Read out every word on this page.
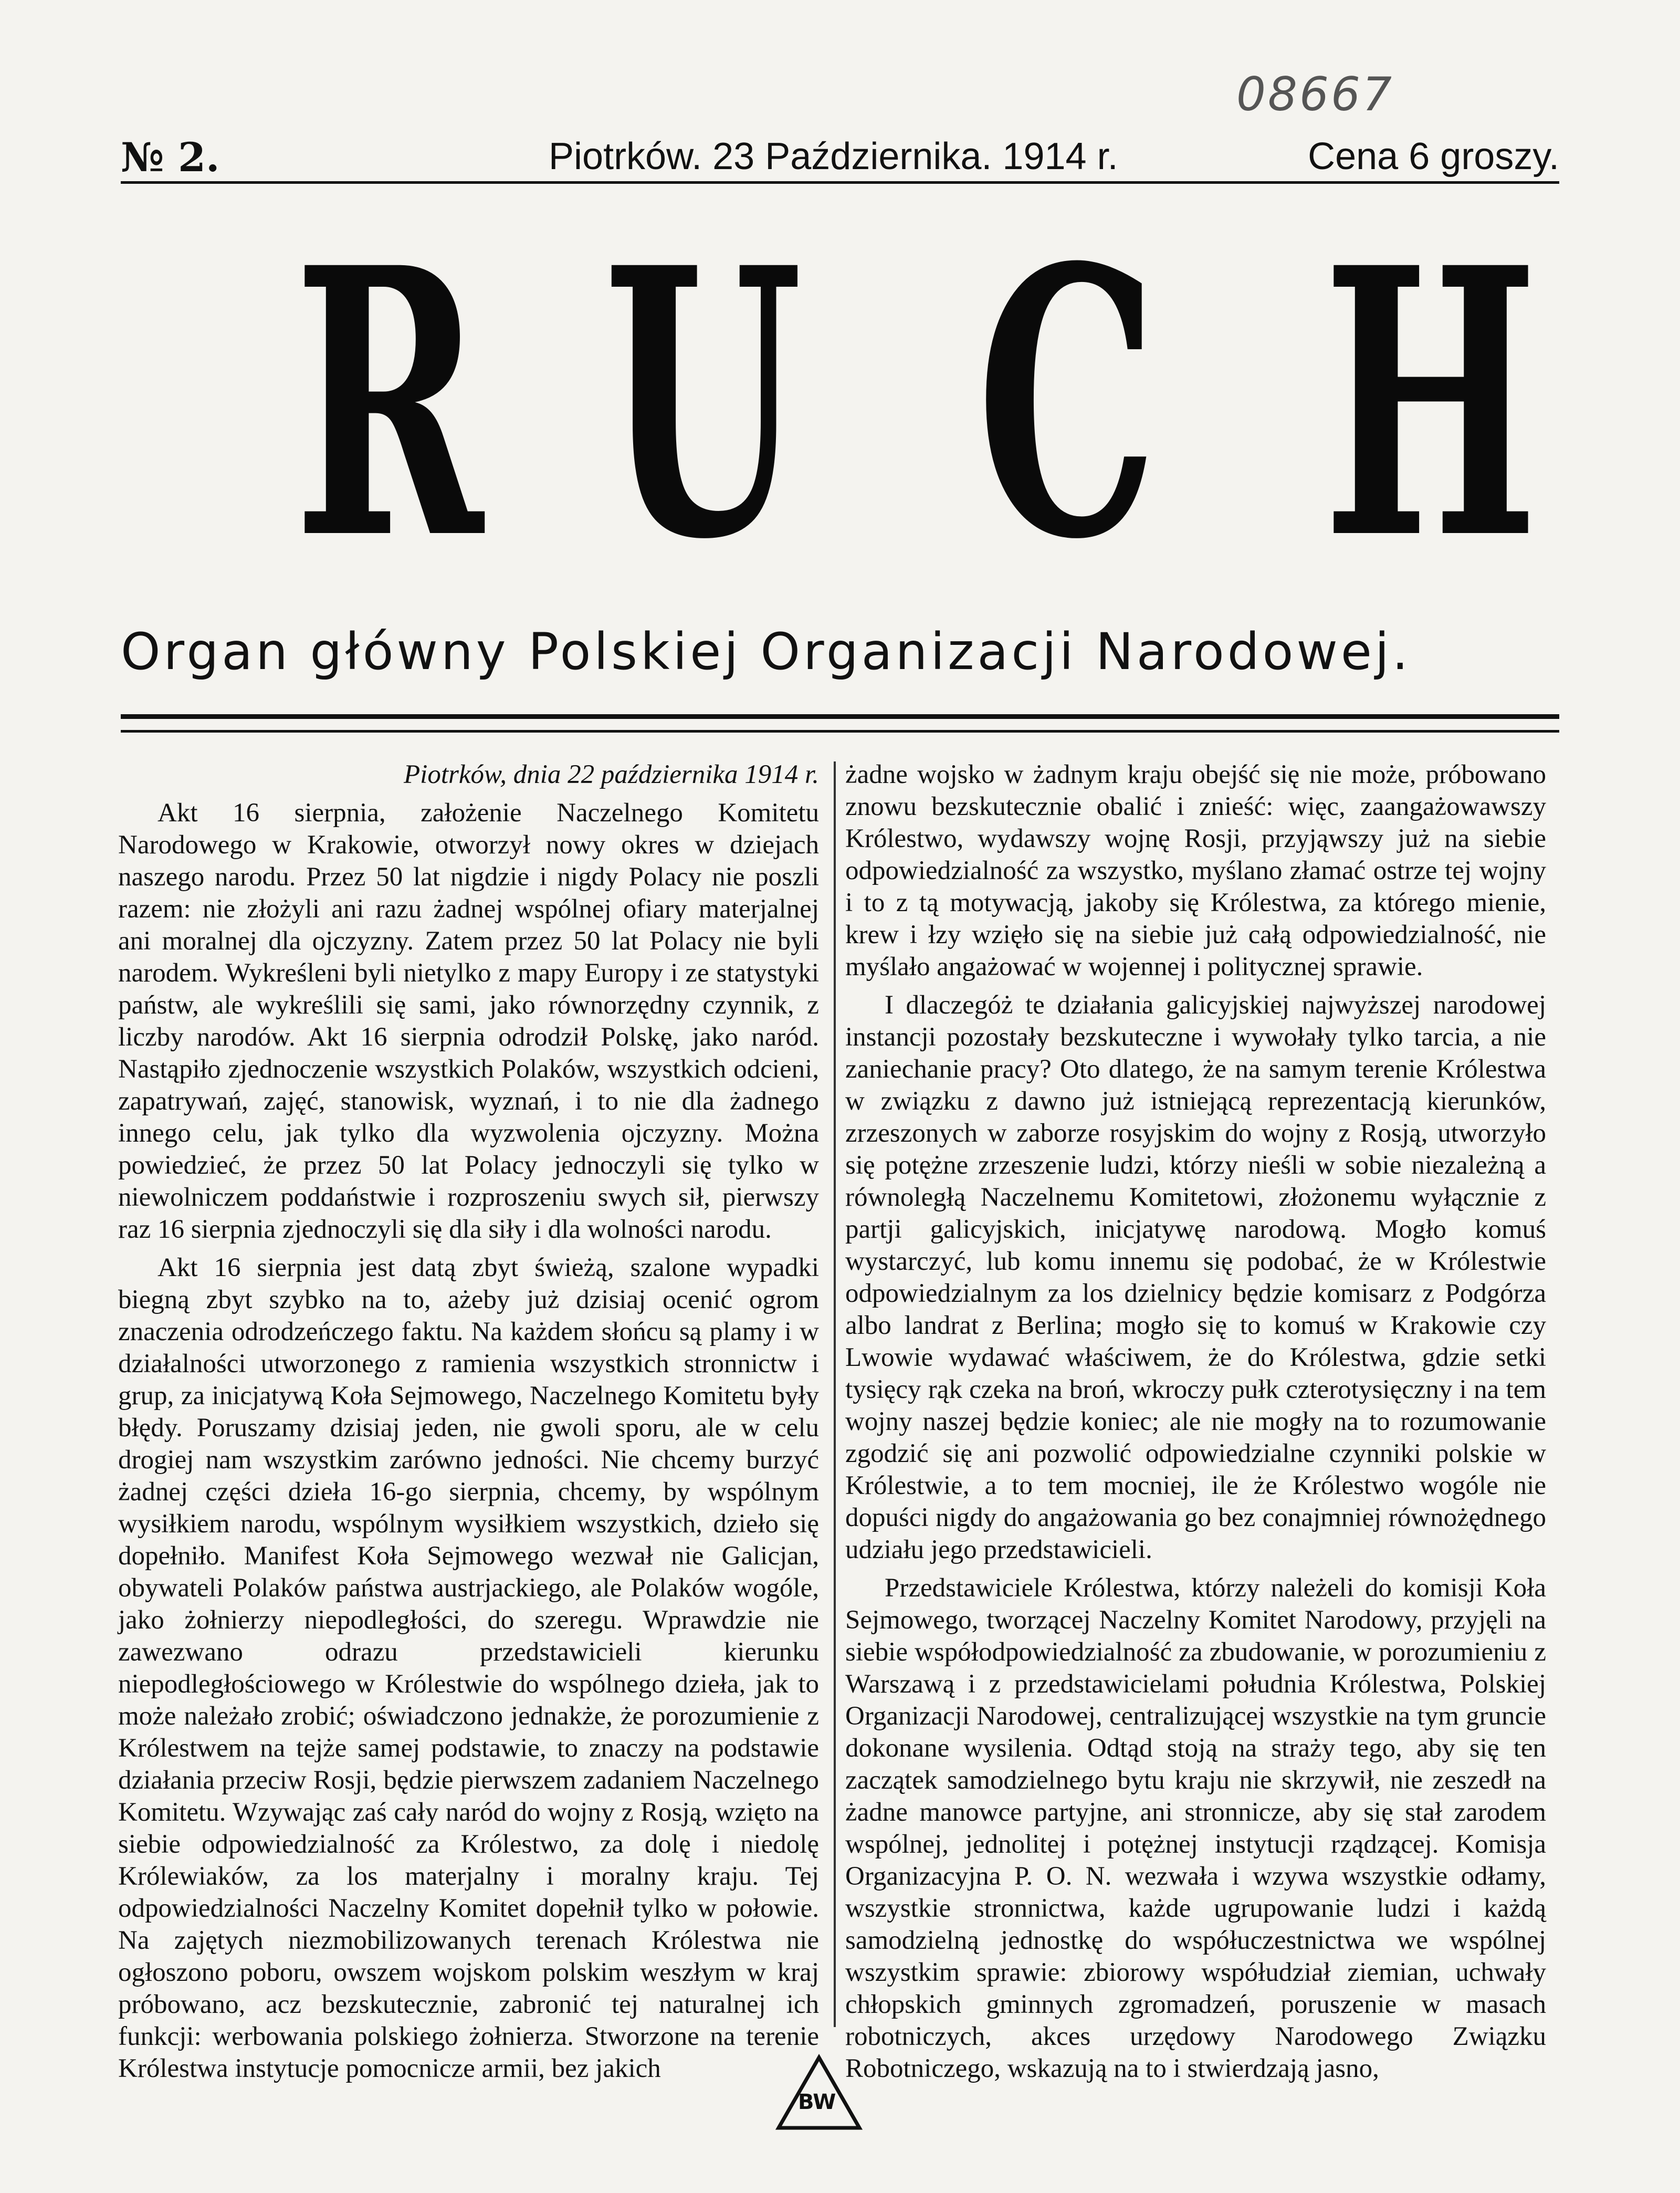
08667
№ 2.	Piotrków. 23 Października. 1914 r.	Cena 6 groszy.
R U C H
Organ główny Polskiej Organizacji Narodowej.

Piotrków, dnia 22 października 1914 r.

Akt 16 sierpnia, założenie Naczelnego Komitetu Narodowego w Krakowie, otworzył nowy okres w dziejach naszego narodu. Przez 50 lat nigdzie i nigdy Polacy nie poszli razem: nie złożyli ani razu żadnej wspólnej ofiary materjalnej ani moralnej dla ojczyzny. Zatem przez 50 lat Polacy nie byli narodem. Wykreśleni byli nietylko z mapy Europy i ze statystyki państw, ale wykreślili się sami, jako równorzędny czynnik, z liczby narodów. Akt 16 sierpnia odrodził Polskę, jako naród. Nastąpiło zjednoczenie wszystkich Polaków, wszystkich odcieni, zapatrywań, zajęć, stanowisk, wyznań, i to nie dla żadnego innego celu, jak tylko dla wyzwolenia ojczyzny. Można powiedzieć, że przez 50 lat Polacy jednoczyli się tylko w niewolniczem poddaństwie i rozproszeniu swych sił, pierwszy raz 16 sierpnia zjednoczyli się dla siły i dla wolności narodu.

Akt 16 sierpnia jest datą zbyt świeżą, szalone wypadki biegną zbyt szybko na to, ażeby już dzisiaj ocenić ogrom znaczenia odrodzeńczego faktu. Na każdem słońcu są plamy i w działalności utworzonego z ramienia wszystkich stronnictw i grup, za inicjatywą Koła Sejmowego, Naczelnego Komitetu były błędy. Poruszamy dzisiaj jeden, nie gwoli sporu, ale w celu drogiej nam wszystkim zarówno jedności. Nie chcemy burzyć żadnej części dzieła 16-go sierpnia, chcemy, by wspólnym wysiłkiem narodu, wspólnym wysiłkiem wszystkich, dzieło się dopełniło. Manifest Koła Sejmowego wezwał nie Galicjan, obywateli Polaków państwa austrjackiego, ale Polaków wogóle, jako żołnierzy niepodległości, do szeregu. Wprawdzie nie zawezwano odrazu przedstawicieli kierunku niepodległościowego w Królestwie do wspólnego dzieła, jak to może należało zrobić; oświadczono jednakże, że porozumienie z Królestwem na tejże samej podstawie, to znaczy na podstawie działania przeciw Rosji, będzie pierwszem zadaniem Naczelnego Komitetu. Wzywając zaś cały naród do wojny z Rosją, wzięto na siebie odpowiedzialność za Królestwo, za dolę i niedolę Królewiaków, za los materjalny i moralny kraju. Tej odpowiedzialności Naczelny Komitet dopełnił tylko w połowie. Na zajętych niezmobilizowanych terenach Królestwa nie ogłoszono poboru, owszem wojskom polskim weszłym w kraj próbowano, acz bezskutecznie, zabronić tej naturalnej ich funkcji: werbowania polskiego żołnierza. Stworzone na terenie Królestwa instytucje pomocnicze armii, bez jakich

żadne wojsko w żadnym kraju obejść się nie może, próbowano znowu bezskutecznie obalić i znieść: więc, zaangażowawszy Królestwo, wydawszy wojnę Rosji, przyjąwszy już na siebie odpowiedzialność za wszystko, myślano złamać ostrze tej wojny i to z tą motywacją, jakoby się Królestwa, za którego mienie, krew i łzy wzięło się na siebie już całą odpowiedzialność, nie myślało angażować w wojennej i politycznej sprawie.

I dlaczegóż te działania galicyjskiej najwyższej narodowej instancji pozostały bezskuteczne i wywołały tylko tarcia, a nie zaniechanie pracy? Oto dlatego, że na samym terenie Królestwa w związku z dawno już istniejącą reprezentacją kierunków, zrzeszonych w zaborze rosyjskim do wojny z Rosją, utworzyło się potężne zrzeszenie ludzi, którzy nieśli w sobie niezależną a równoległą Naczelnemu Komitetowi, złożonemu wyłącznie z partji galicyjskich, inicjatywę narodową. Mogło komuś wystarczyć, lub komu innemu się podobać, że w Królestwie odpowiedzialnym za los dzielnicy będzie komisarz z Podgórza albo landrat z Berlina; mogło się to komuś w Krakowie czy Lwowie wydawać właściwem, że do Królestwa, gdzie setki tysięcy rąk czeka na broń, wkroczy pułk czterotysięczny i na tem wojny naszej będzie koniec; ale nie mogły na to rozumowanie zgodzić się ani pozwolić odpowiedzialne czynniki polskie w Królestwie, a to tem mocniej, ile że Królestwo wogóle nie dopuści nigdy do angażowania go bez conajmniej równożędnego udziału jego przedstawicieli.

Przedstawiciele Królestwa, którzy należeli do komisji Koła Sejmowego, tworzącej Naczelny Komitet Narodowy, przyjęli na siebie współodpowiedzialność za zbudowanie, w porozumieniu z Warszawą i z przedstawicielami południa Królestwa, Polskiej Organizacji Narodowej, centralizującej wszystkie na tym gruncie dokonane wysilenia. Odtąd stoją na straży tego, aby się ten zaczątek samodzielnego bytu kraju nie skrzywił, nie zeszedł na żadne manowce partyjne, ani stronnicze, aby się stał zarodem wspólnej, jednolitej i potężnej instytucji rządzącej. Komisja Organizacyjna P. O. N. wezwała i wzywa wszystkie odłamy, wszystkie stronnictwa, każde ugrupowanie ludzi i każdą samodzielną jednostkę do współuczestnictwa we wspólnej wszystkim sprawie: zbiorowy współudział ziemian, uchwały chłopskich gminnych zgromadzeń, poruszenie w masach robotniczych, akces urzędowy Narodowego Związku Robotniczego, wskazują na to i stwierdzają jasno,

BW
